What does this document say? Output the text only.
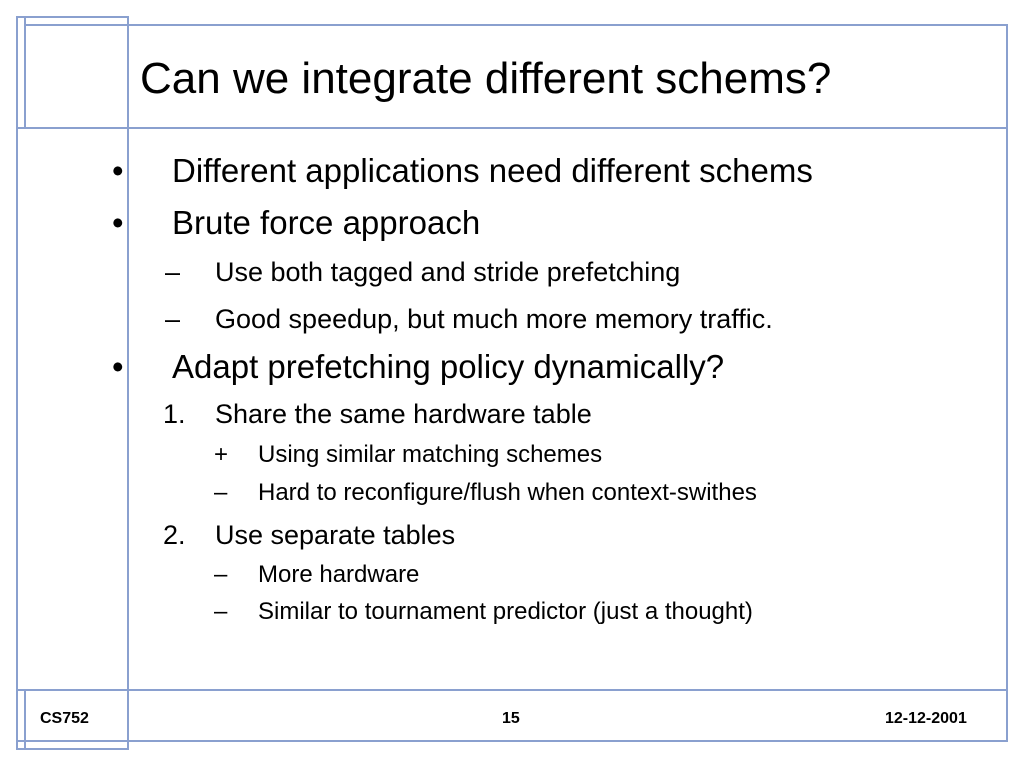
Can we integrate different schems?
• Different applications need different schems
• Brute force approach
– Use both tagged and stride prefetching
– Good speedup, but much more memory traffic.
• Adapt prefetching policy dynamically?
1. Share the same hardware table
+ Using similar matching schemes
– Hard to reconfigure/flush when context-swithes
2. Use separate tables
– More hardware
– Similar to tournament predictor (just a thought)
CS752	15	12-12-2001
